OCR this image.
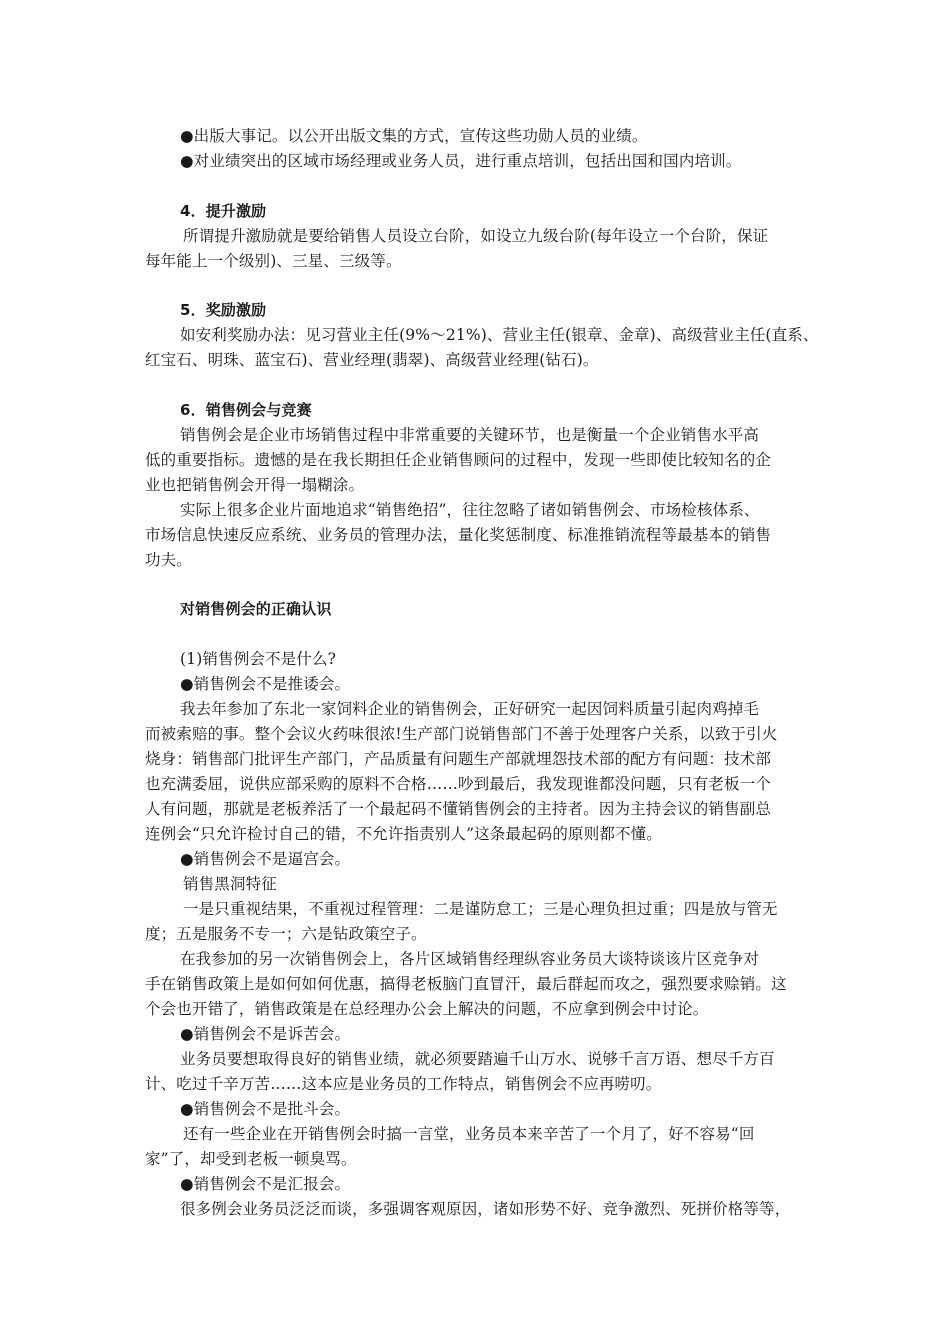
●出版大事记。以公开出版文集的方式，宣传这些功勋人员的业绩。
●对业绩突出的区域市场经理或业务人员，进行重点培训，包括出国和国内培训。
4．提升激励
所谓提升激励就是要给销售人员设立台阶，如设立九级台阶(每年设立一个台阶，保证
每年能上一个级别)、三星、三级等。
5．奖励激励
如安利奖励办法：见习营业主任(9%～21%)、营业主任(银章、金章)、高级营业主任(直系、
红宝石、明珠、蓝宝石)、营业经理(翡翠)、高级营业经理(钻石)。
6．销售例会与竞赛
销售例会是企业市场销售过程中非常重要的关键环节，也是衡量一个企业销售水平高
低的重要指标。遗憾的是在我长期担任企业销售顾问的过程中，发现一些即使比较知名的企
业也把销售例会开得一塌糊涂。
实际上很多企业片面地追求“销售绝招”，往往忽略了诸如销售例会、市场检核体系、
市场信息快速反应系统、业务员的管理办法，量化奖惩制度、标准推销流程等最基本的销售
功夫。
对销售例会的正确认识
(1)销售例会不是什么?
●销售例会不是推诿会。
我去年参加了东北一家饲料企业的销售例会，正好研究一起因饲料质量引起肉鸡掉毛
而被索赔的事。整个会议火药味很浓!生产部门说销售部门不善于处理客户关系，以致于引火
烧身：销售部门批评生产部门，产品质量有问题生产部就埋怨技术部的配方有问题：技术部
也充满委屈，说供应部采购的原料不合格……吵到最后，我发现谁都没问题，只有老板一个
人有问题，那就是老板养活了一个最起码不懂销售例会的主持者。因为主持会议的销售副总
连例会“只允许检讨自己的错，不允许指责别人”这条最起码的原则都不懂。
●销售例会不是逼宫会。
销售黑洞特征
一是只重视结果，不重视过程管理：二是谨防怠工；三是心理负担过重；四是放与管无
度；五是服务不专一；六是钻政策空子。
在我参加的另一次销售例会上，各片区域销售经理纵容业务员大谈特谈该片区竞争对
手在销售政策上是如何如何优惠，搞得老板脑门直冒汗，最后群起而攻之，强烈要求赊销。这
个会也开错了，销售政策是在总经理办公会上解决的问题，不应拿到例会中讨论。
●销售例会不是诉苦会。
业务员要想取得良好的销售业绩，就必须要踏遍千山万水、说够千言万语、想尽千方百
计、吃过千辛万苦……这本应是业务员的工作特点，销售例会不应再唠叨。
●销售例会不是批斗会。
还有一些企业在开销售例会时搞一言堂，业务员本来辛苦了一个月了，好不容易“回
家”了，却受到老板一顿臭骂。
●销售例会不是汇报会。
很多例会业务员泛泛而谈，多强调客观原因，诸如形势不好、竞争激烈、死拼价格等等，
